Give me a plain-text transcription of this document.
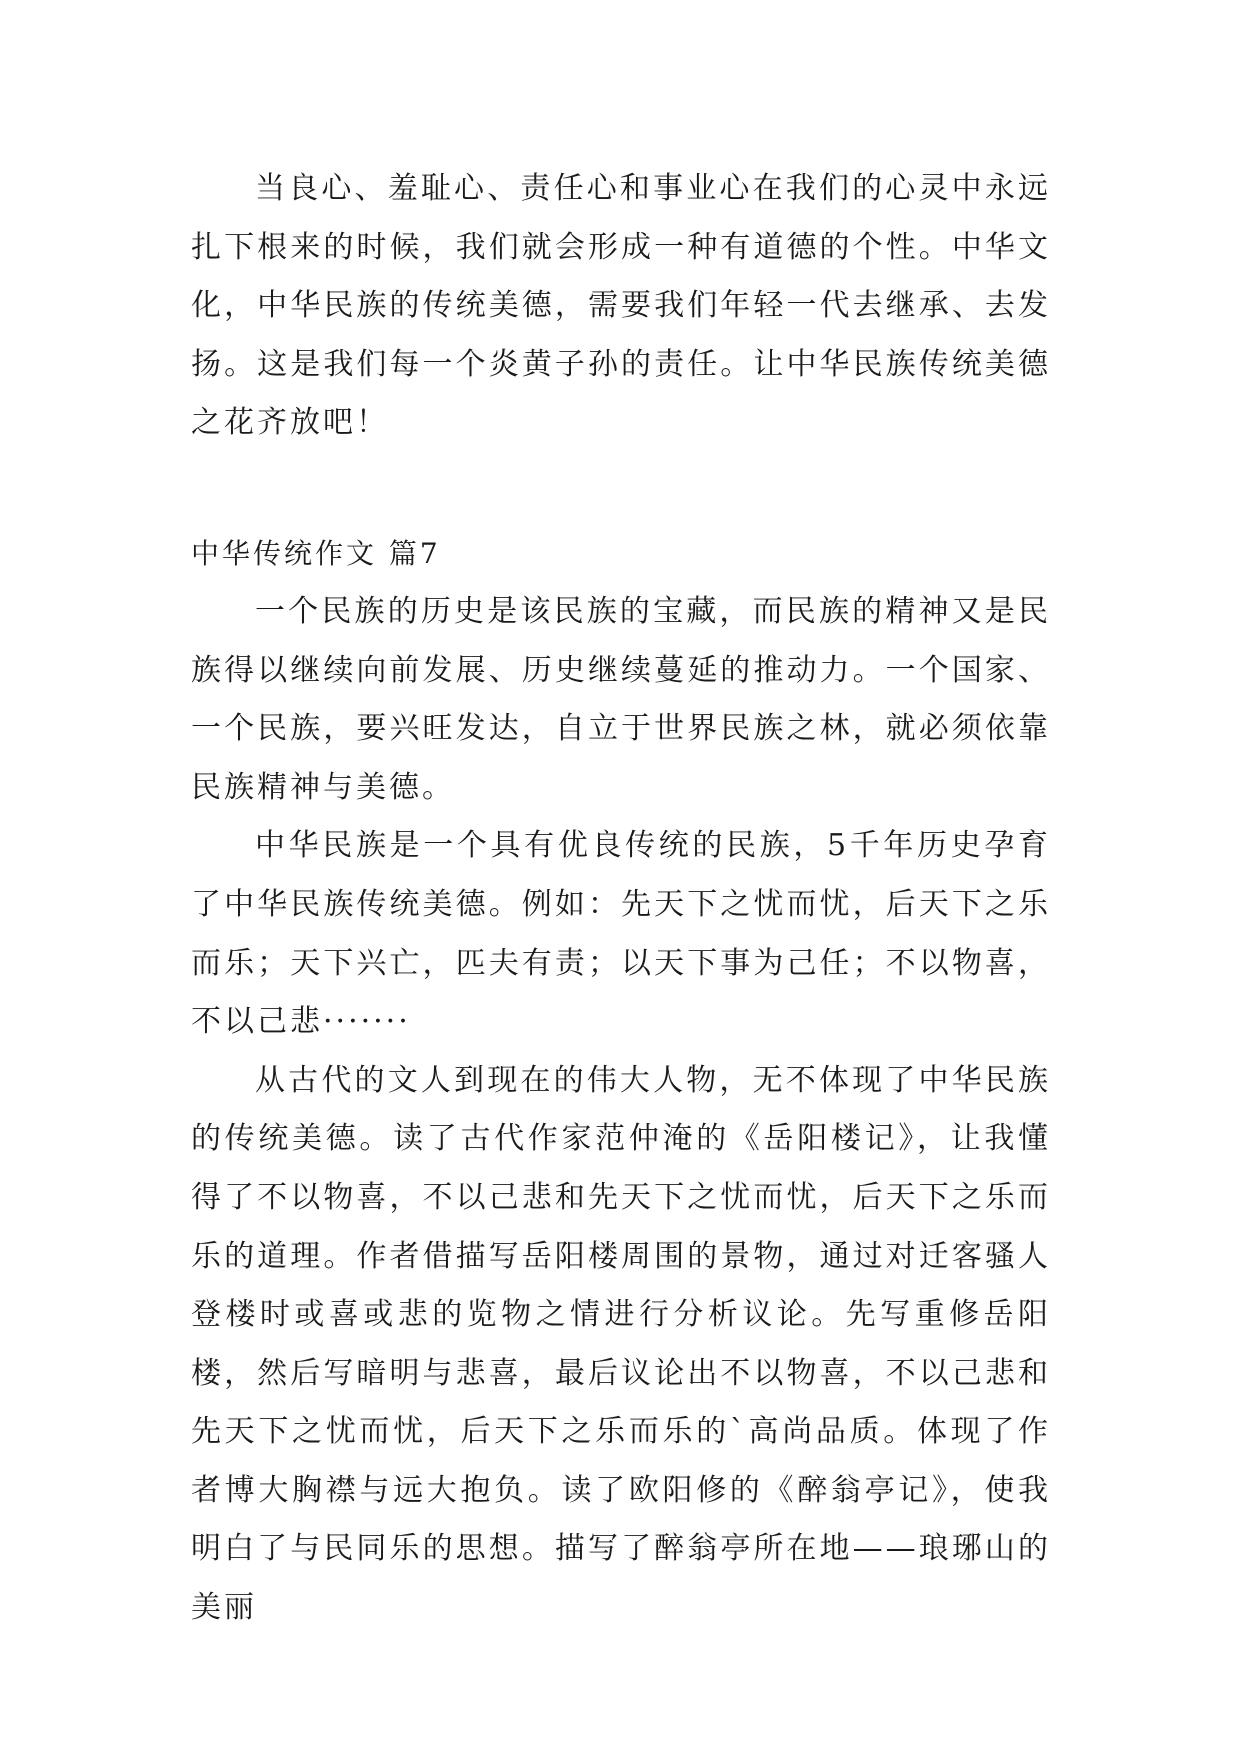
当良心、羞耻心、责任心和事业心在我们的心灵中永远扎下根来的时候，我们就会形成一种有道德的个性。中华文化，中华民族的传统美德，需要我们年轻一代去继承、去发扬。这是我们每一个炎黄子孙的责任。让中华民族传统美德之花齐放吧！

中华传统作文 篇7

一个民族的历史是该民族的宝藏，而民族的精神又是民族得以继续向前发展、历史继续蔓延的推动力。一个国家、一个民族，要兴旺发达，自立于世界民族之林，就必须依靠民族精神与美德。

中华民族是一个具有优良传统的民族，5千年历史孕育了中华民族传统美德。例如：先天下之忧而忧，后天下之乐而乐；天下兴亡，匹夫有责；以天下事为己任；不以物喜，不以己悲·······

从古代的文人到现在的伟大人物，无不体现了中华民族的传统美德。读了古代作家范仲淹的《岳阳楼记》，让我懂得了不以物喜，不以己悲和先天下之忧而忧，后天下之乐而乐的道理。作者借描写岳阳楼周围的景物，通过对迁客骚人登楼时或喜或悲的览物之情进行分析议论。先写重修岳阳楼，然后写暗明与悲喜，最后议论出不以物喜，不以己悲和先天下之忧而忧，后天下之乐而乐的`高尚品质。体现了作者博大胸襟与远大抱负。读了欧阳修的《醉翁亭记》，使我明白了与民同乐的思想。描写了醉翁亭所在地——琅琊山的美丽
